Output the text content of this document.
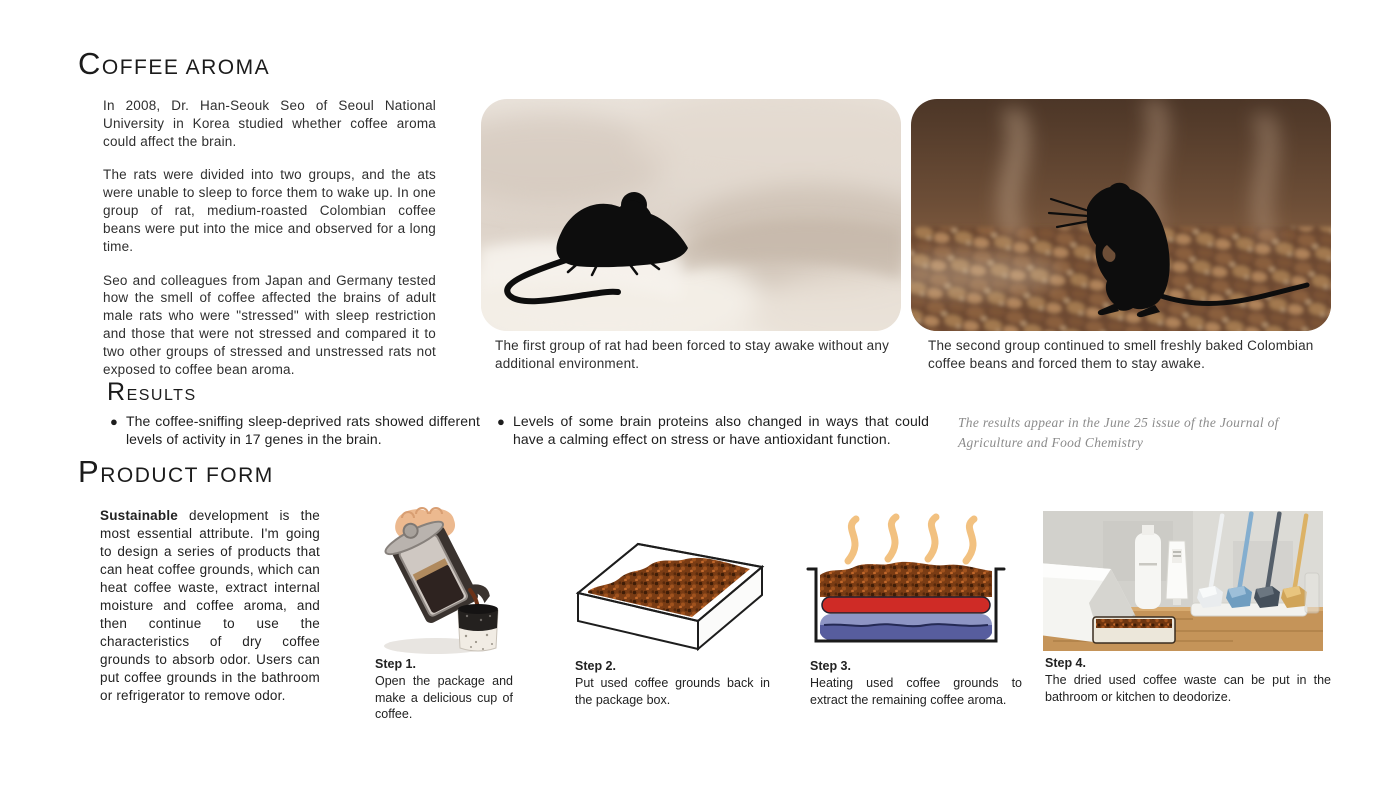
COFFEE AROMA

In 2008, Dr. Han-Seouk Seo of Seoul National University in Korea studied whether coffee aroma could affect the brain.

The rats were divided into two groups, and the ats were unable to sleep to force them to wake up. In one group of rat, medium-roasted Colombian coffee beans were put into the mice and observed for a long time.

Seo and colleagues from Japan and Germany tested how the smell of coffee affected the brains of adult male rats who were "stressed" with sleep restriction and those that were not stressed and compared it to two other groups of stressed and unstressed rats not exposed to coffee bean aroma.

The first group of rat had been forced to stay awake without any additional environment.

The second group continued to smell freshly baked Colombian coffee beans and forced them to stay awake.

RESULTS
● The coffee-sniffing sleep-deprived rats showed different levels of activity in 17 genes in the brain.
● Levels of some brain proteins also changed in ways that could have a calming effect on stress or have antioxidant function.

The results appear in the June 25 issue of the Journal of Agriculture and Food Chemistry

PRODUCT FORM

Sustainable development is the most essential attribute. I'm going to design a series of products that can heat coffee grounds, which can heat coffee waste, extract internal moisture and coffee aroma, and then continue to use the characteristics of dry coffee grounds to absorb odor. Users can put coffee grounds in the bathroom or refrigerator to remove odor.

Step 1.
Open the package and make a delicious cup of coffee.
Step 2.
Put used coffee grounds back in the package box.
Step 3.
Heating used coffee grounds to extract the remaining coffee aroma.
Step 4.
The dried used coffee waste can be put in the bathroom or kitchen to deodorize.
